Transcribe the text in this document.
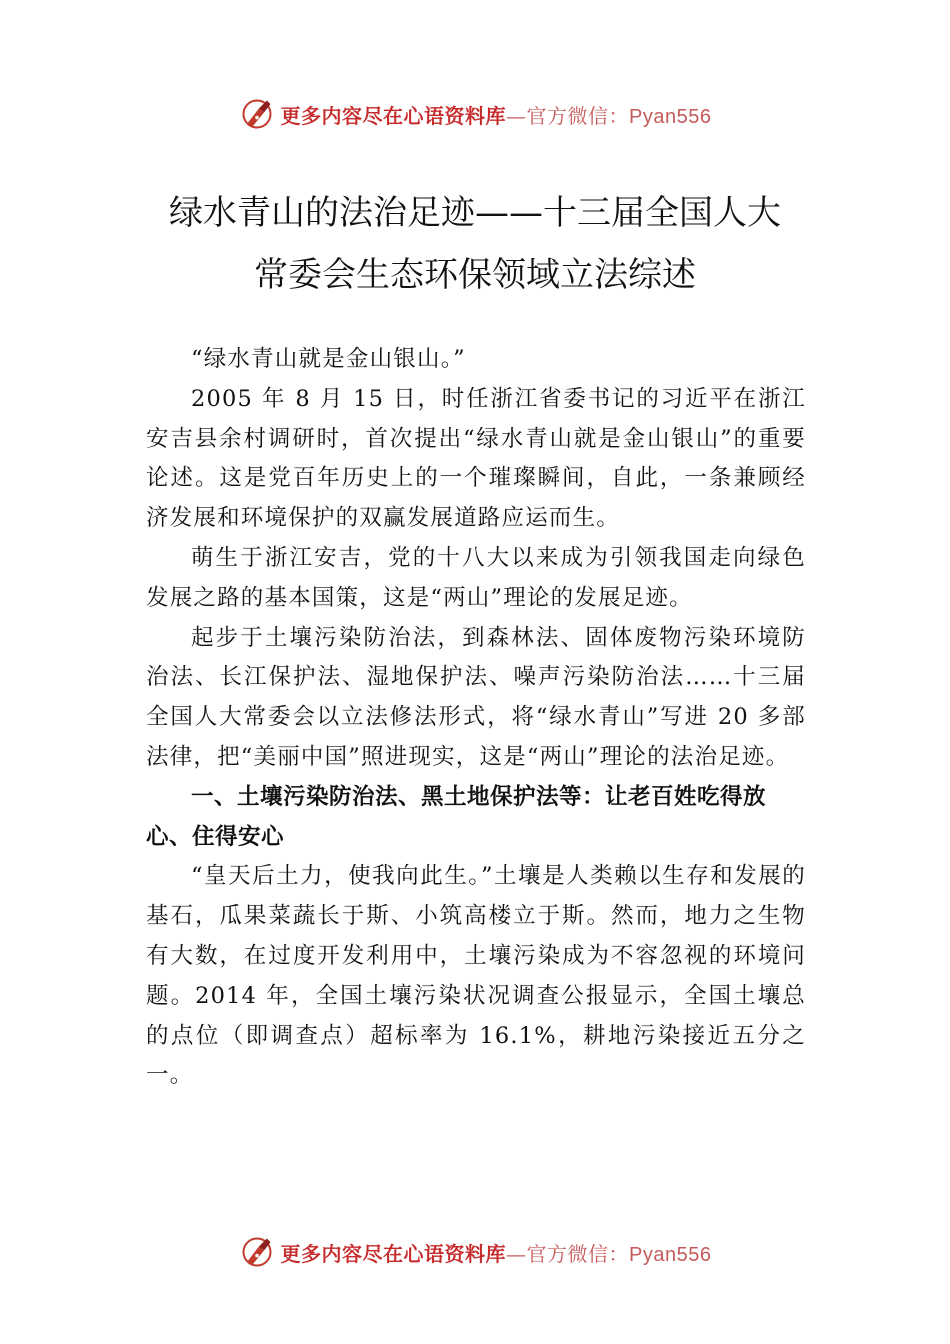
更多内容尽在心语资料库—官方微信：Pyan556
绿水青山的法治足迹——十三届全国人大
常委会生态环保领域立法综述

“绿水青山就是金山银山。”

2005 年 8 月 15 日，时任浙江省委书记的习近平在浙江安吉县余村调研时，首次提出“绿水青山就是金山银山”的重要论述。这是党百年历史上的一个璀璨瞬间，自此，一条兼顾经济发展和环境保护的双赢发展道路应运而生。

萌生于浙江安吉，党的十八大以来成为引领我国走向绿色发展之路的基本国策，这是“两山”理论的发展足迹。

起步于土壤污染防治法，到森林法、固体废物污染环境防治法、长江保护法、湿地保护法、噪声污染防治法……十三届全国人大常委会以立法修法形式，将“绿水青山”写进 20 多部法律，把“美丽中国”照进现实，这是“两山”理论的法治足迹。

一、土壤污染防治法、黑土地保护法等：让老百姓吃得放心、住得安心

“皇天后土力，使我向此生。”土壤是人类赖以生存和发展的基石，瓜果菜蔬长于斯、小筑高楼立于斯。然而，地力之生物有大数，在过度开发利用中，土壤污染成为不容忽视的环境问题。2014 年，全国土壤污染状况调查公报显示，全国土壤总的点位（即调查点）超标率为 16.1%，耕地污染接近五分之一。

更多内容尽在心语资料库—官方微信：Pyan556
